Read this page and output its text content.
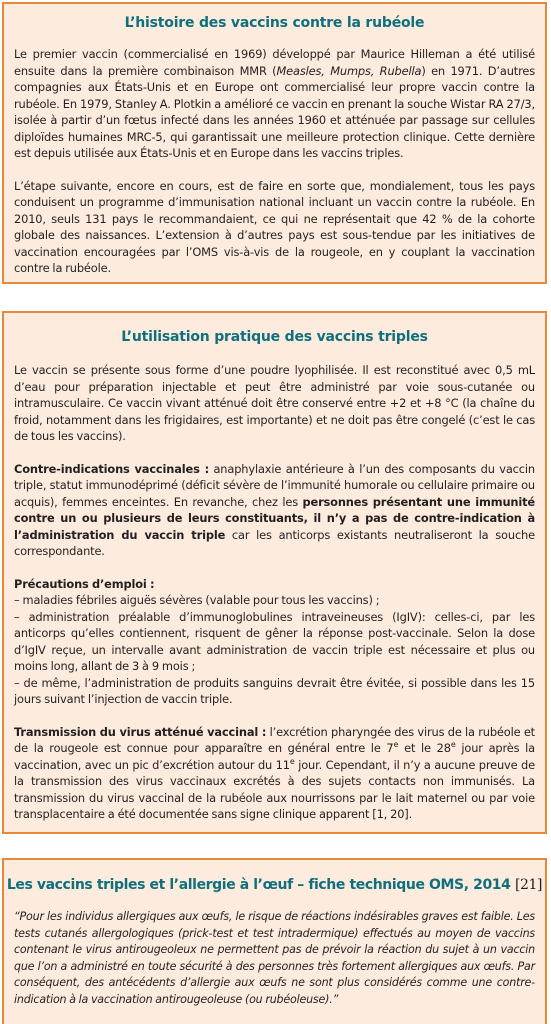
L’histoire des vaccins contre la rubéole

Le premier vaccin (commercialisé en 1969) développé par Maurice Hilleman a été utilisé ensuite dans la première combinaison MMR (Measles, Mumps, Rubella) en 1971. D’autres compagnies aux États-Unis et en Europe ont commercialisé leur propre vaccin contre la rubéole. En 1979, Stanley A. Plotkin a amélioré ce vaccin en prenant la souche Wistar RA 27/3, isolée à partir d’un fœtus infecté dans les années 1960 et atténuée par passage sur cellules diploïdes humaines MRC-5, qui garantissait une meilleure protection clinique. Cette dernière est depuis utilisée aux États-Unis et en Europe dans les vaccins triples.

L’étape suivante, encore en cours, est de faire en sorte que, mondialement, tous les pays conduisent un programme d’immunisation national incluant un vaccin contre la rubéole. En 2010, seuls 131 pays le recommandaient, ce qui ne représentait que 42 % de la cohorte globale des naissances. L’extension à d’autres pays est sous-tendue par les initiatives de vaccination encouragées par l’OMS vis-à-vis de la rougeole, en y couplant la vaccination contre la rubéole.

L’utilisation pratique des vaccins triples

Le vaccin se présente sous forme d’une poudre lyophilisée. Il est reconstitué avec 0,5 mL d’eau pour préparation injectable et peut être administré par voie sous-cutanée ou intramusculaire. Ce vaccin vivant atténué doit être conservé entre +2 et +8 °C (la chaîne du froid, notamment dans les frigidaires, est importante) et ne doit pas être congelé (c’est le cas de tous les vaccins).

Contre-indications vaccinales : anaphylaxie antérieure à l’un des composants du vaccin triple, statut immunodéprimé (déficit sévère de l’immunité humorale ou cellulaire primaire ou acquis), femmes enceintes. En revanche, chez les personnes présentant une immunité contre un ou plusieurs de leurs constituants, il n’y a pas de contre-indication à l’administration du vaccin triple car les anticorps existants neutraliseront la souche correspondante.

Précautions d’emploi :
– maladies fébriles aiguës sévères (valable pour tous les vaccins) ;
– administration préalable d’immunoglobulines intraveineuses (IgIV): celles-ci, par les anticorps qu’elles contiennent, risquent de gêner la réponse post-vaccinale. Selon la dose d’IgIV reçue, un intervalle avant administration de vaccin triple est nécessaire et plus ou moins long, allant de 3 à 9 mois ;
– de même, l’administration de produits sanguins devrait être évitée, si possible dans les 15 jours suivant l’injection de vaccin triple.

Transmission du virus atténué vaccinal : l’excrétion pharyngée des virus de la rubéole et de la rougeole est connue pour apparaître en général entre le 7e et le 28e jour après la vaccination, avec un pic d’excrétion autour du 11e jour. Cependant, il n’y a aucune preuve de la transmission des virus vaccinaux excrétés à des sujets contacts non immunisés. La transmission du virus vaccinal de la rubéole aux nourrissons par le lait maternel ou par voie transplacentaire a été documentée sans signe clinique apparent [1, 20].

Les vaccins triples et l’allergie à l’œuf – fiche technique OMS, 2014 [21]

“Pour les individus allergiques aux œufs, le risque de réactions indésirables graves est faible. Les tests cutanés allergologiques (prick-test et test intradermique) effectués au moyen de vaccins contenant le virus antirougeoleux ne permettent pas de prévoir la réaction du sujet à un vaccin que l’on a administré en toute sécurité à des personnes très fortement allergiques aux œufs. Par conséquent, des antécédents d’allergie aux œufs ne sont plus considérés comme une contre-indication à la vaccination antirougeoleuse (ou rubéoleuse).”
